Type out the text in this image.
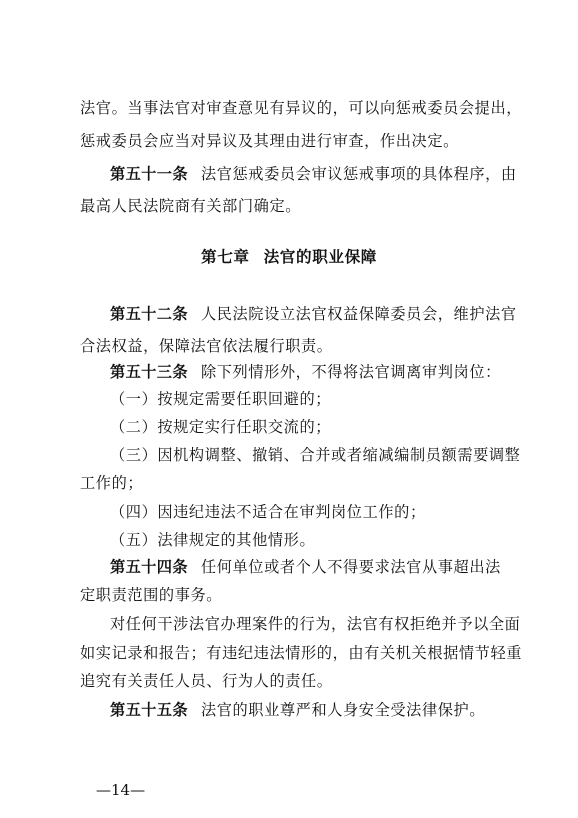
法官。当事法官对审查意见有异议的，可以向惩戒委员会提出，
惩戒委员会应当对异议及其理由进行审查，作出决定。
第五十一条 法官惩戒委员会审议惩戒事项的具体程序，由
最高人民法院商有关部门确定。
第七章 法官的职业保障
第五十二条 人民法院设立法官权益保障委员会，维护法官
合法权益，保障法官依法履行职责。
第五十三条 除下列情形外，不得将法官调离审判岗位：
（一）按规定需要任职回避的；
（二）按规定实行任职交流的；
（三）因机构调整、撤销、合并或者缩减编制员额需要调整
工作的；
（四）因违纪违法不适合在审判岗位工作的；
（五）法律规定的其他情形。
第五十四条 任何单位或者个人不得要求法官从事超出法
定职责范围的事务。
对任何干涉法官办理案件的行为，法官有权拒绝并予以全面
如实记录和报告；有违纪违法情形的，由有关机关根据情节轻重
追究有关责任人员、行为人的责任。
第五十五条 法官的职业尊严和人身安全受法律保护。
—14—
